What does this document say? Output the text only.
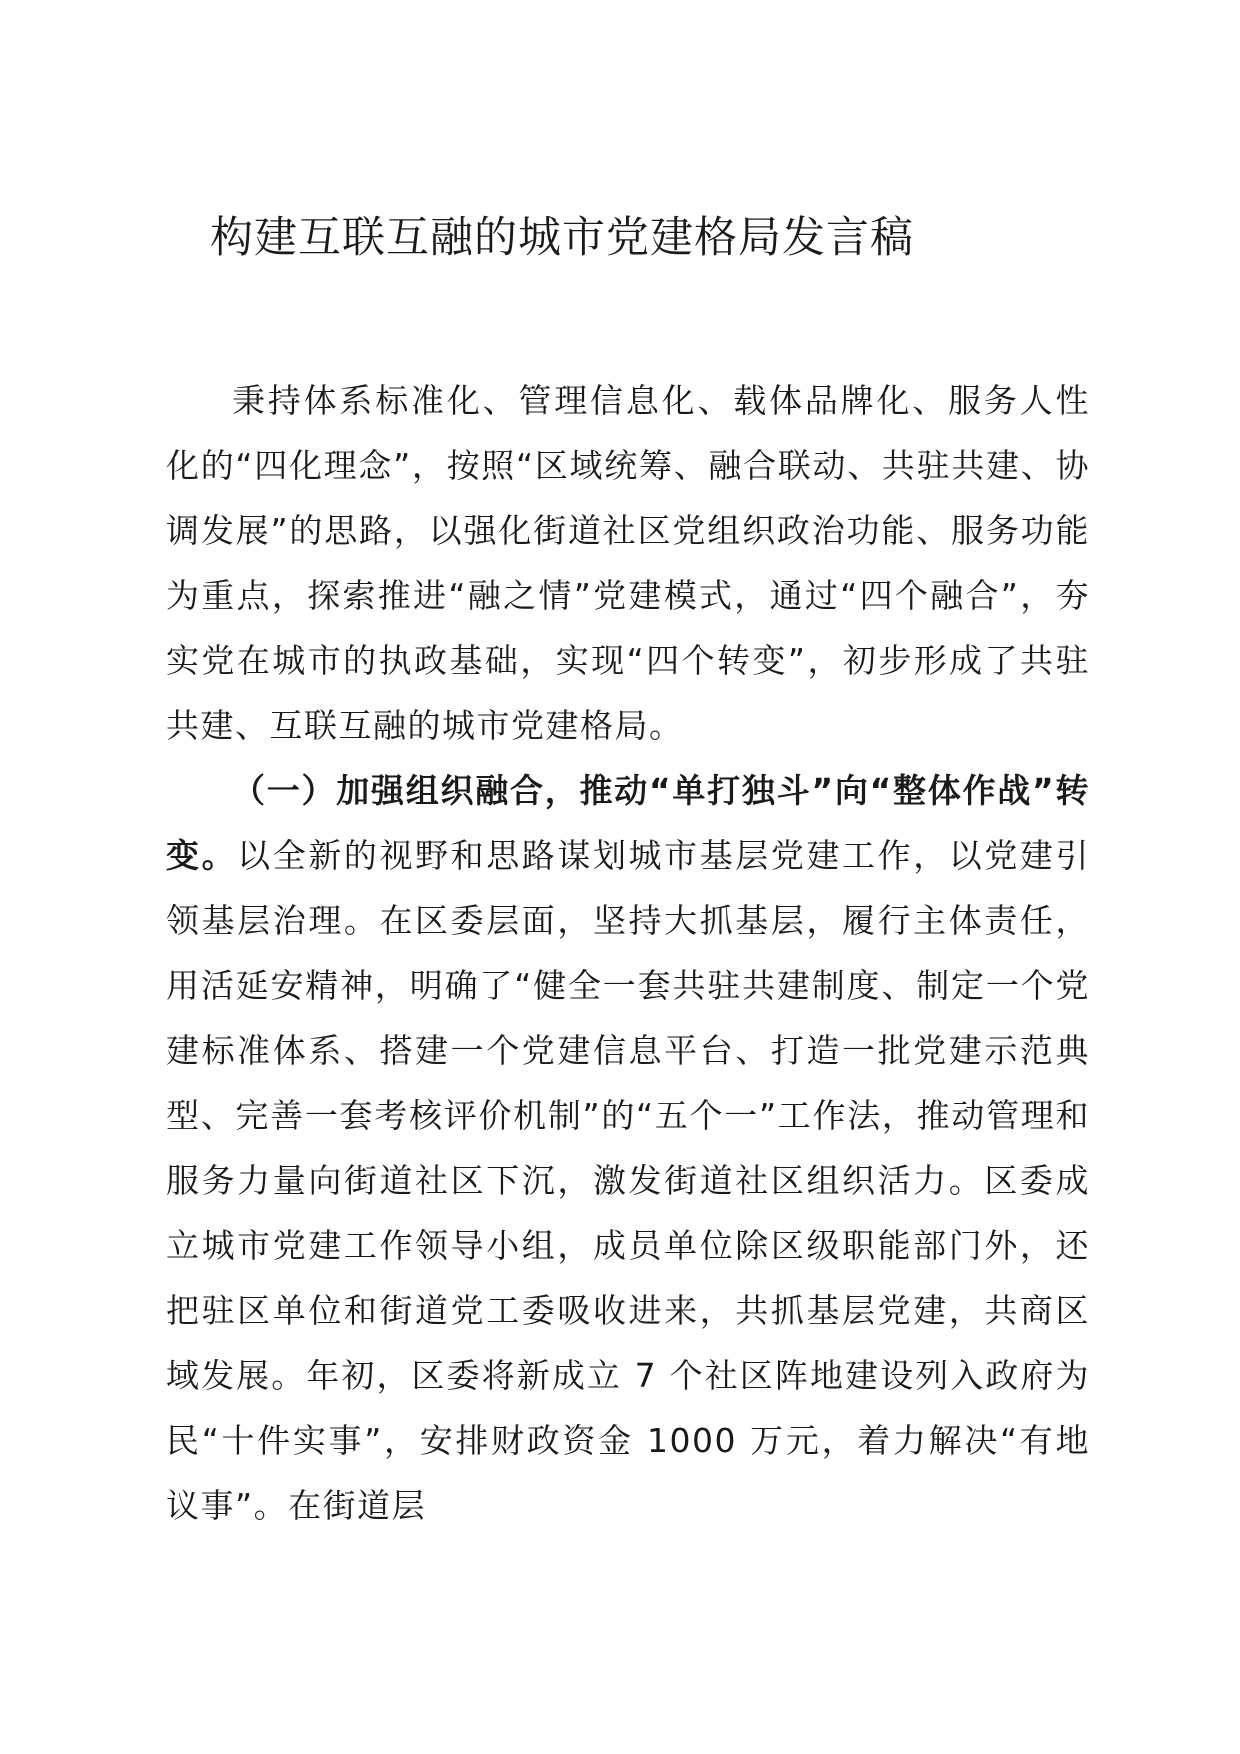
构建互联互融的城市党建格局发言稿

秉持体系标准化、管理信息化、载体品牌化、服务人性化的“四化理念”，按照“区域统筹、融合联动、共驻共建、协调发展”的思路，以强化街道社区党组织政治功能、服务功能为重点，探索推进“融之情”党建模式，通过“四个融合”，夯实党在城市的执政基础，实现“四个转变”，初步形成了共驻共建、互联互融的城市党建格局。

（一）加强组织融合，推动“单打独斗”向“整体作战”转变。以全新的视野和思路谋划城市基层党建工作，以党建引领基层治理。在区委层面，坚持大抓基层，履行主体责任，用活延安精神，明确了“健全一套共驻共建制度、制定一个党建标准体系、搭建一个党建信息平台、打造一批党建示范典型、完善一套考核评价机制”的“五个一”工作法，推动管理和服务力量向街道社区下沉，激发街道社区组织活力。区委成立城市党建工作领导小组，成员单位除区级职能部门外，还把驻区单位和街道党工委吸收进来，共抓基层党建，共商区域发展。年初，区委将新成立 7 个社区阵地建设列入政府为民“十件实事”，安排财政资金 1000 万元，着力解决“有地议事”。在街道层
